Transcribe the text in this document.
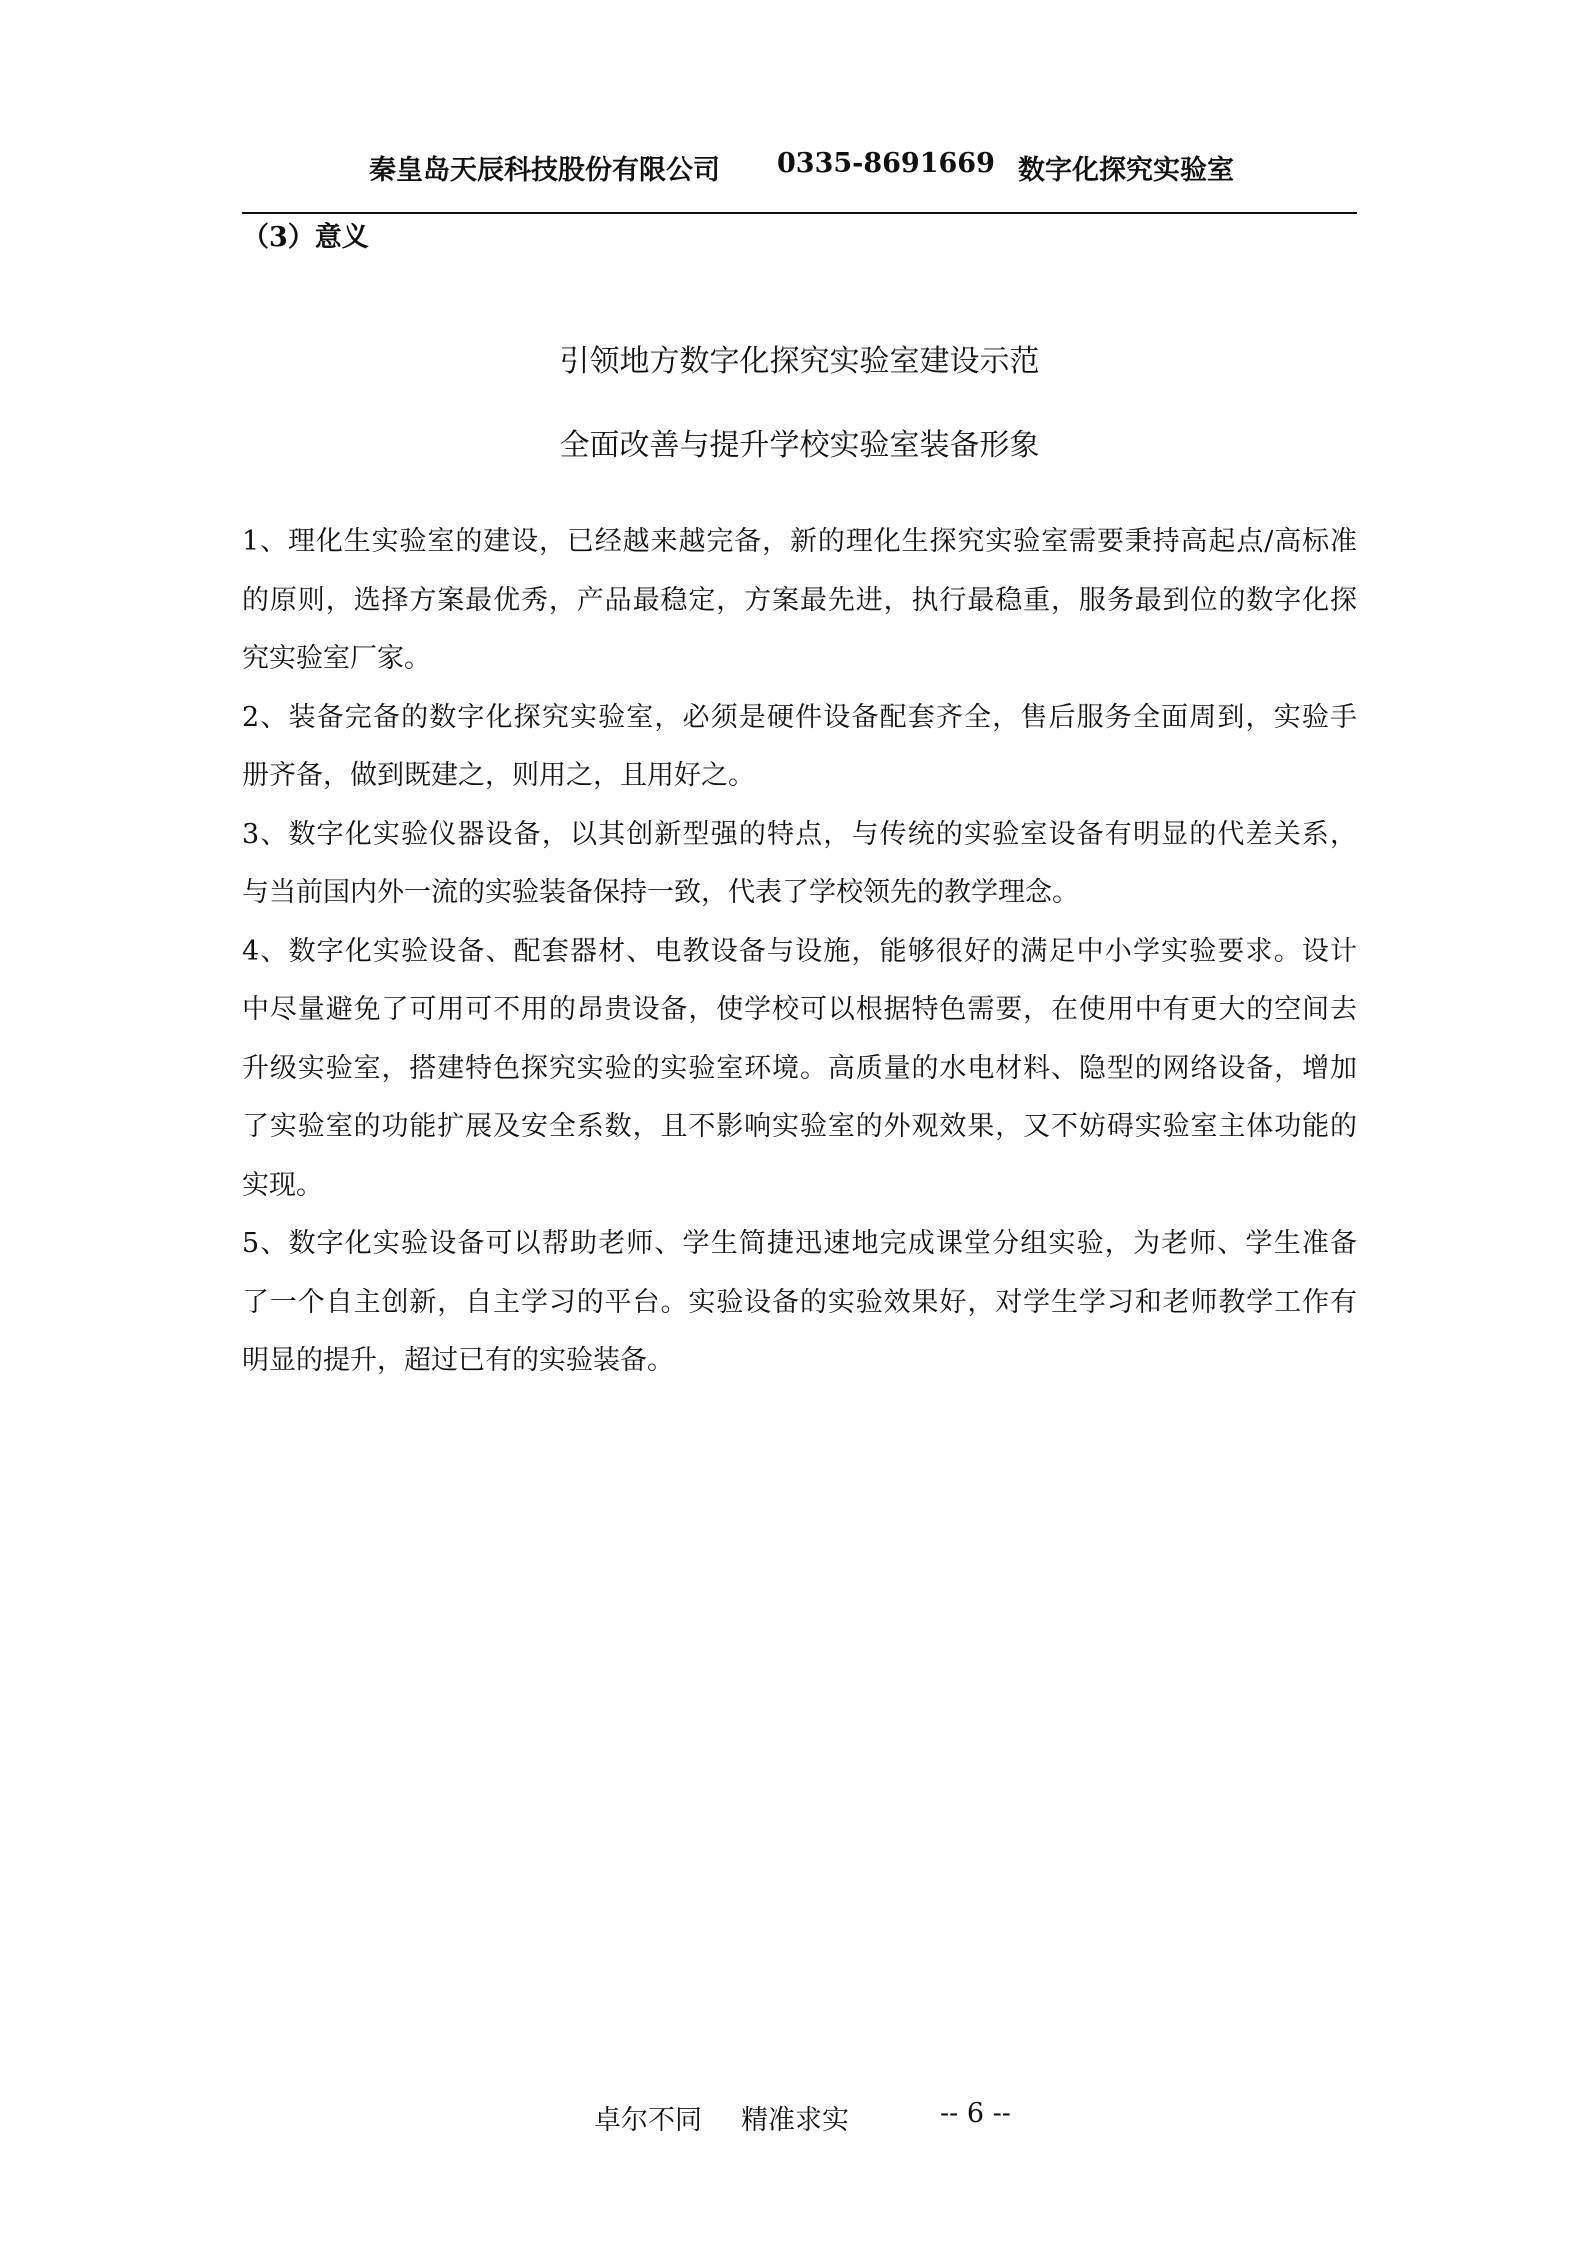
秦皇岛天辰科技股份有限公司 0335-8691669 数字化探究实验室
（3）意义
引领地方数字化探究实验室建设示范
全面改善与提升学校实验室装备形象
1、理化生实验室的建设，已经越来越完备，新的理化生探究实验室需要秉持高起点/高标准
的原则，选择方案最优秀，产品最稳定，方案最先进，执行最稳重，服务最到位的数字化探
究实验室厂家。
2、装备完备的数字化探究实验室，必须是硬件设备配套齐全，售后服务全面周到，实验手
册齐备，做到既建之，则用之，且用好之。
3、数字化实验仪器设备，以其创新型强的特点，与传统的实验室设备有明显的代差关系，
与当前国内外一流的实验装备保持一致，代表了学校领先的教学理念。
4、数字化实验设备、配套器材、电教设备与设施，能够很好的满足中小学实验要求。设计
中尽量避免了可用可不用的昂贵设备，使学校可以根据特色需要，在使用中有更大的空间去
升级实验室，搭建特色探究实验的实验室环境。高质量的水电材料、隐型的网络设备，增加
了实验室的功能扩展及安全系数，且不影响实验室的外观效果，又不妨碍实验室主体功能的
实现。
5、数字化实验设备可以帮助老师、学生简捷迅速地完成课堂分组实验，为老师、学生准备
了一个自主创新，自主学习的平台。实验设备的实验效果好，对学生学习和老师教学工作有
明显的提升，超过已有的实验装备。
卓尔不同 精准求实	-- 6 --
